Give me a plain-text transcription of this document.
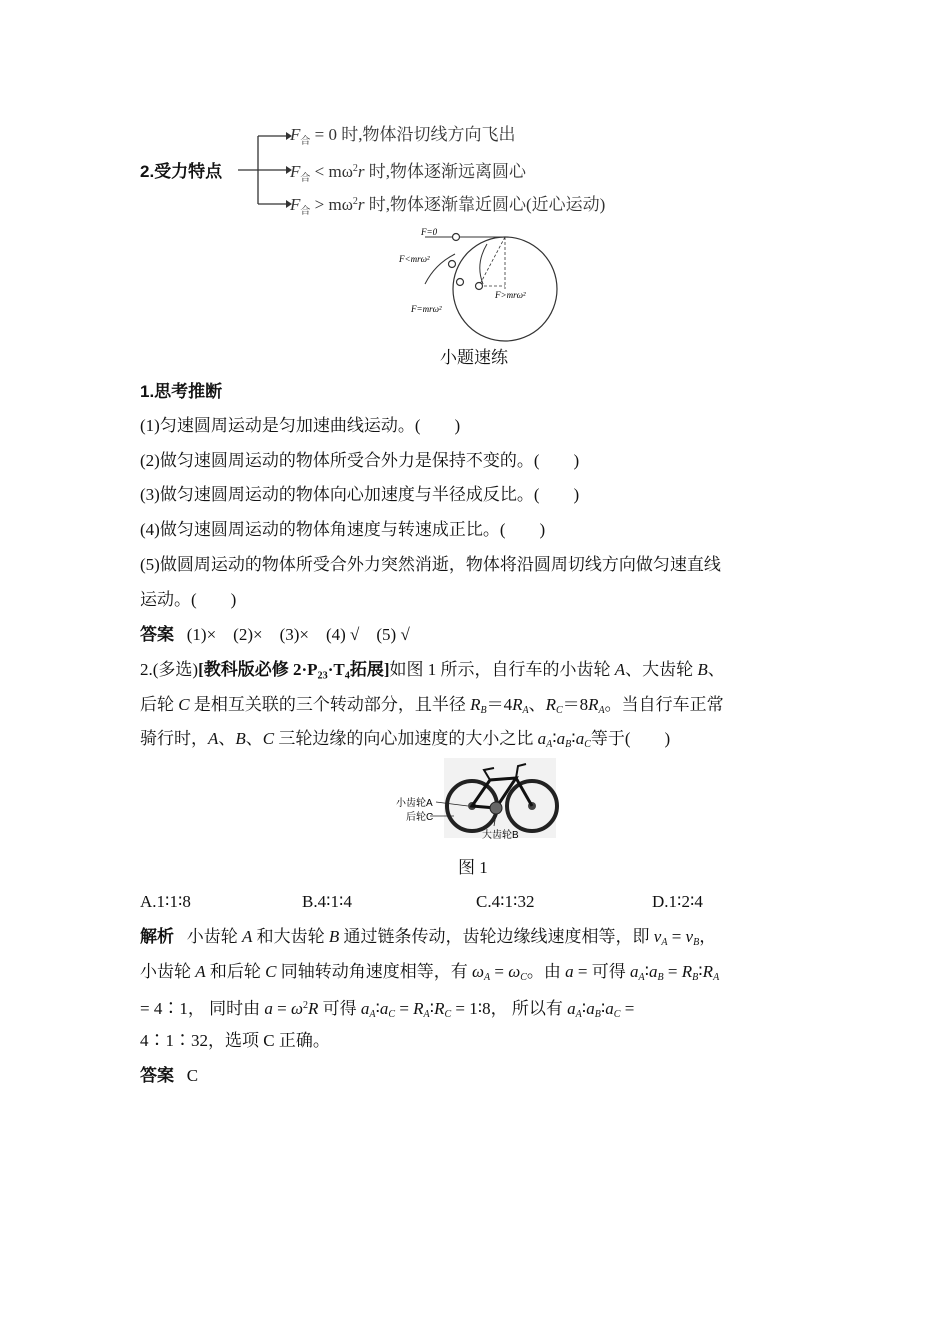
2.受力特点
$F_合 = 0$ 时,物体沿切线方向飞出
$F_合 < m\omega^2r$ 时,物体逐渐远离圆心
$F_合 > m\omega^2r$ 时,物体逐渐靠近圆心(近心运动)
F=0
F<mrω²
F=mrω²
F>mrω²
小题速练
1.思考推断
(1)匀速圆周运动是匀加速曲线运动。(　　)
(2)做匀速圆周运动的物体所受合外力是保持不变的。(　　)
(3)做匀速圆周运动的物体向心加速度与半径成反比。(　　)
(4)做匀速圆周运动的物体角速度与转速成正比。(　　)
(5)做圆周运动的物体所受合外力突然消逝，物体将沿圆周切线方向做匀速直线
运动。(　　)
答案 (1)×　(2)×　(3)×　(4) √　(5) √
2.(多选)[教科版必修 2·P₂₃·T₄拓展]如图 1 所示，自行车的小齿轮 A、大齿轮 B、
后轮 C 是相互关联的三个转动部分，且半径 $R_B=4R_A$、$R_C=8R_A$。当自行车正常
骑行时，A、B、C 三轮边缘的向心加速度的大小之比 $a_A∶a_B∶a_C$等于(　　)
小齿轮A
后轮C
大齿轮B
图 1
A.1∶1∶8	B.4∶1∶4	C.4∶1∶32	D.1∶2∶4
解析   小齿轮 A 和大齿轮 B 通过链条传动，齿轮边缘线速度相等，即 $v_A = v_B$，
小齿轮 A 和后轮 C 同轴转动角速度相等，有 $\omega_A = \omega_C$。由 a = 可得 $a_A∶a_B$ = $R_B∶R_A$
= 4∶1， 同时由 $a = \omega^2R$ 可得 $a_A∶a_C$ = $R_A∶R_C$ = 1∶8， 所以有 $a_A∶a_B∶a_C$ =
4∶1∶32，选项 C 正确。
答案 C
